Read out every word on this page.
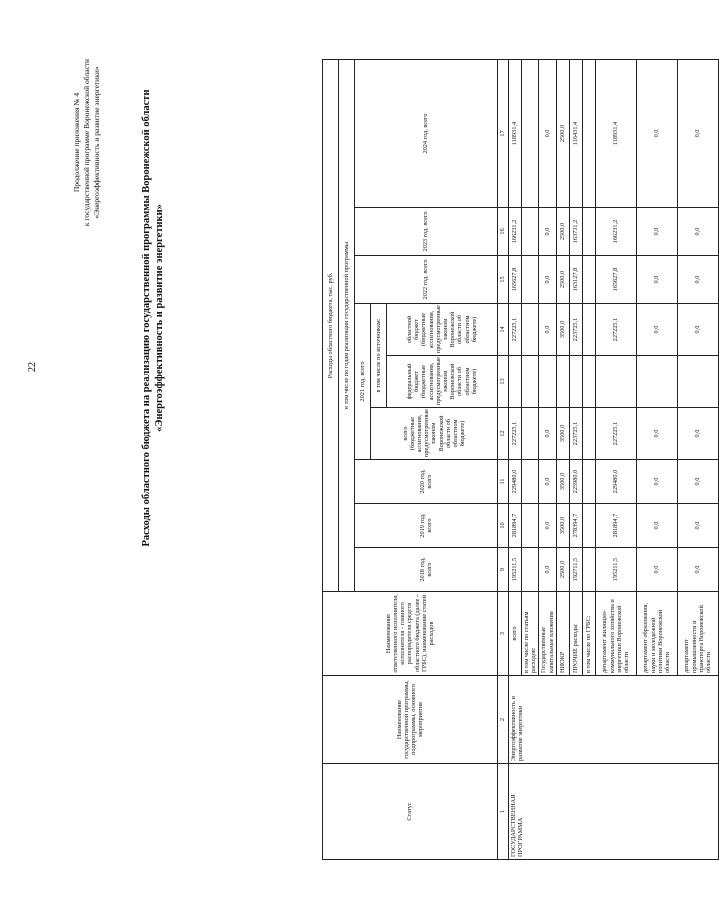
22
Продолжение приложения № 4 к государственной программе Воронежской области «Энергоэффективность и развитие энергетики»	Расходы областного бюджета на реализацию государственной программы Воронежской области «Энергоэффективность и развитие энергетики»
Статус	Наименование государственной программы, подпрограммы, основного мероприятия	Наименование ответственного исполнителя, исполнителя - главного распорядителя средств областного бюджета (далее - ГРБС), наименование статей расходов	Расходы областного бюджета, тыс. руб.								
			в том числе по годам реализации государственной программы								
			2018 год, всего	2019 год, всего	2020 год, всего	2021 год, всего			2022 год, всего	2023 год, всего	2024 год, всего
						всего (бюджетные ассигнования, предусмотренные законом Воронежской области об областном бюджете)	в том числе по источникам:				
							федеральный бюджет (бюджетные ассигнования, предусмотренные законом Воронежской области об областном бюджете)	областной бюджет (бюджетные ассигнования, предусмотренные законом Воронежской области об областном бюджете)			
1	2	3	9	10	11	12	13	14	15	16	17
ГОСУДАРСТВЕННАЯ ПРОГРАММА	Энергоэффективность и развитие энергетики	всего	195211,5	281894,7	229480,0	227225,1		227225,1	165627,8	166231,2	118931,4
		в том числе по статьям расходов:									
		Государственные капитальные вложения	0,0	0,0	0,0	0,0		0,0	0,0	0,0	0,0
		НИОКР	2500,0	3500,0	3500,0	3500,0		3500,0	2500,0	2500,0	2500,0
		ПРОЧИЕ расходы	192711,5	278394,7	225980,0	223725,1		223725,1	163127,8	163731,2	116431,4
		в том числе по ГРБС:									
		департамент жилищно-коммунального хозяйства и энергетики Воронежской области	195211,5	281894,7	229480,0	227225,1		227225,1	165627,8	166231,2	118931,4
		департамент образования, науки и молодежной политики Воронежской области	0,0	0,0	0,0	0,0		0,0	0,0	0,0	0,0
		департамент промышленности и транспорта Воронежской области	0,0	0,0	0,0	0,0		0,0	0,0	0,0	0,0
